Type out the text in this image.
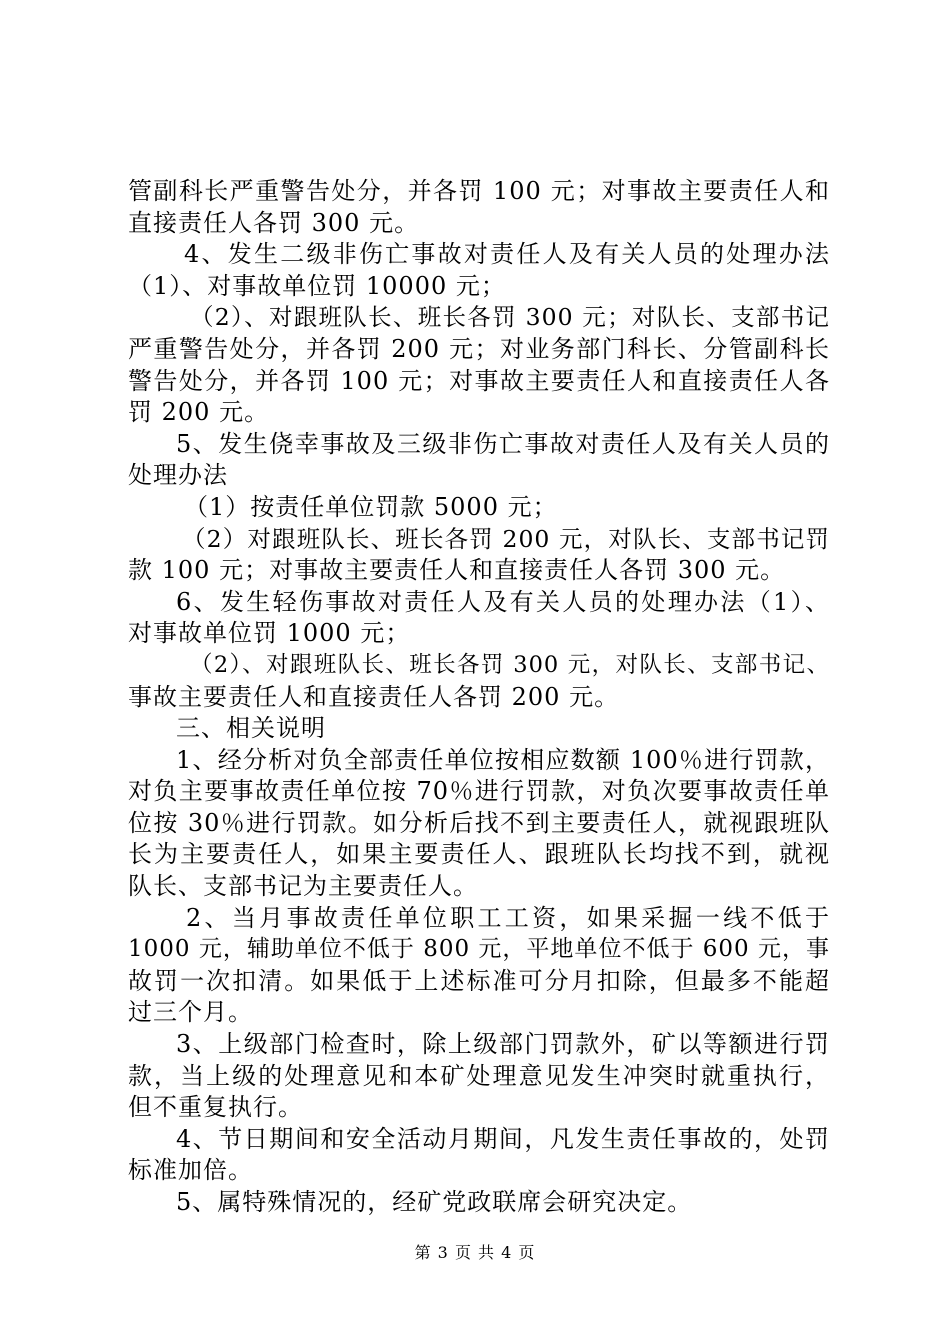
管副科长严重警告处分，并各罚 100 元；对事故主要责任人和
直接责任人各罚 300 元。
4、发生二级非伤亡事故对责任人及有关人员的处理办法
（1）、对事故单位罚 10000 元；
（2）、对跟班队长、班长各罚 300 元；对队长、支部书记
严重警告处分，并各罚 200 元；对业务部门科长、分管副科长
警告处分，并各罚 100 元；对事故主要责任人和直接责任人各
罚 200 元。
5、发生侥幸事故及三级非伤亡事故对责任人及有关人员的
处理办法
（1）按责任单位罚款 5000 元；
（2）对跟班队长、班长各罚 200 元，对队长、支部书记罚
款 100 元；对事故主要责任人和直接责任人各罚 300 元。
6、发生轻伤事故对责任人及有关人员的处理办法（1）、
对事故单位罚 1000 元；
（2）、对跟班队长、班长各罚 300 元，对队长、支部书记、
事故主要责任人和直接责任人各罚 200 元。
三、相关说明
1、经分析对负全部责任单位按相应数额 100％进行罚款，
对负主要事故责任单位按 70％进行罚款，对负次要事故责任单
位按 30％进行罚款。如分析后找不到主要责任人，就视跟班队
长为主要责任人，如果主要责任人、跟班队长均找不到，就视
队长、支部书记为主要责任人。
2、当月事故责任单位职工工资，如果采掘一线不低于
1000 元，辅助单位不低于 800 元，平地单位不低于 600 元，事
故罚一次扣清。如果低于上述标准可分月扣除，但最多不能超
过三个月。
3、上级部门检查时，除上级部门罚款外，矿以等额进行罚
款，当上级的处理意见和本矿处理意见发生冲突时就重执行，
但不重复执行。
4、节日期间和安全活动月期间，凡发生责任事故的，处罚
标准加倍。
5、属特殊情况的，经矿党政联席会研究决定。
第 3 页 共 4 页
